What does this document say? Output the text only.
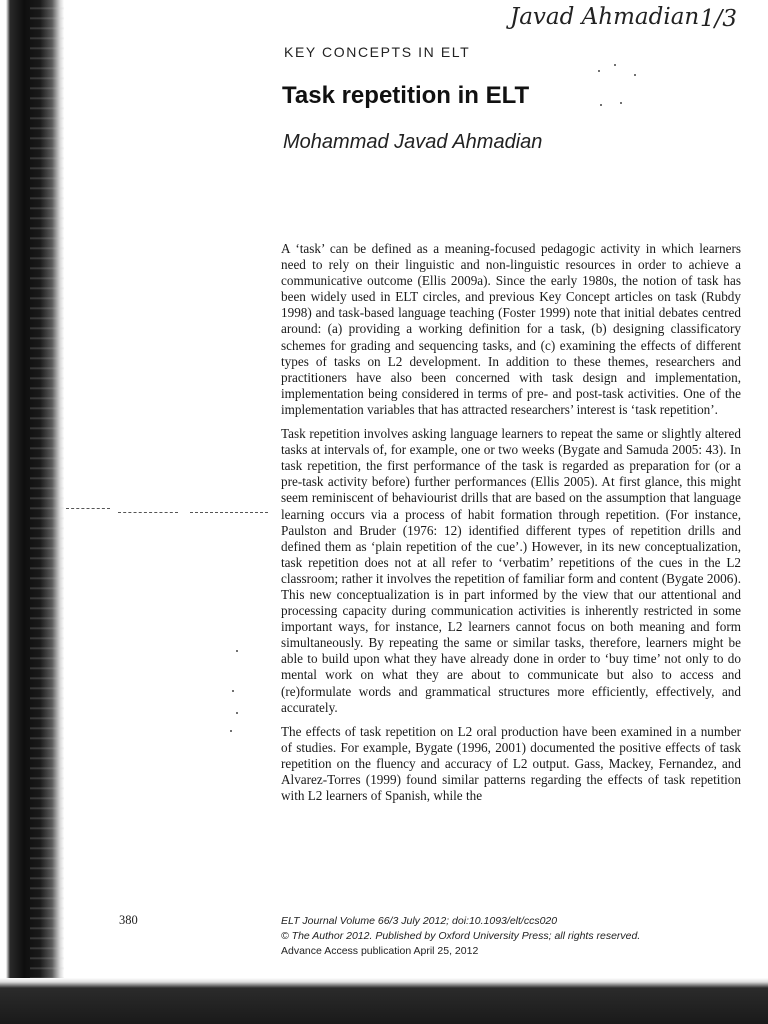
Javad Ahmadian 1/3
KEY CONCEPTS IN ELT
Task repetition in ELT
Mohammad Javad Ahmadian

A ‘task’ can be defined as a meaning-focused pedagogic activity in which learners need to rely on their linguistic and non-linguistic resources in order to achieve a communicative outcome (Ellis 2009a). Since the early 1980s, the notion of task has been widely used in ELT circles, and previous Key Concept articles on task (Rubdy 1998) and task-based language teaching (Foster 1999) note that initial debates centred around: (a) providing a working definition for a task, (b) designing classificatory schemes for grading and sequencing tasks, and (c) examining the effects of different types of tasks on L2 development. In addition to these themes, researchers and practitioners have also been concerned with task design and implementation, implementation being considered in terms of pre- and post-task activities. One of the implementation variables that has attracted researchers’ interest is ‘task repetition’.

Task repetition involves asking language learners to repeat the same or slightly altered tasks at intervals of, for example, one or two weeks (Bygate and Samuda 2005: 43). In task repetition, the first performance of the task is regarded as preparation for (or a pre-task activity before) further performances (Ellis 2005). At first glance, this might seem reminiscent of behaviourist drills that are based on the assumption that language learning occurs via a process of habit formation through repetition. (For instance, Paulston and Bruder (1976: 12) identified different types of repetition drills and defined them as ‘plain repetition of the cue’.) However, in its new conceptualization, task repetition does not at all refer to ‘verbatim’ repetitions of the cues in the L2 classroom; rather it involves the repetition of familiar form and content (Bygate 2006). This new conceptualization is in part informed by the view that our attentional and processing capacity during communication activities is inherently restricted in some important ways, for instance, L2 learners cannot focus on both meaning and form simultaneously. By repeating the same or similar tasks, therefore, learners might be able to build upon what they have already done in order to ‘buy time’ not only to do mental work on what they are about to communicate but also to access and (re)formulate words and grammatical structures more efficiently, effectively, and accurately.

The effects of task repetition on L2 oral production have been examined in a number of studies. For example, Bygate (1996, 2001) documented the positive effects of task repetition on the fluency and accuracy of L2 output. Gass, Mackey, Fernandez, and Alvarez-Torres (1999) found similar patterns regarding the effects of task repetition with L2 learners of Spanish, while the

380	ELT Journal Volume 66/3 July 2012; doi:10.1093/elt/ccs020
© The Author 2012. Published by Oxford University Press; all rights reserved.
Advance Access publication April 25, 2012
